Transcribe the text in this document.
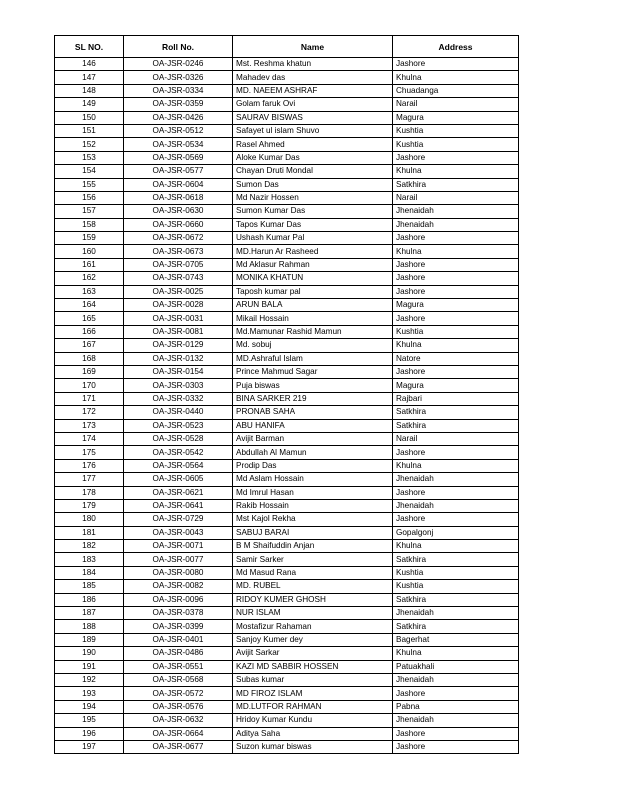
SL NO.	Roll No.	Name	Address
146	OA-JSR-0246	Mst. Reshma khatun	Jashore
147	OA-JSR-0326	Mahadev das	Khulna
148	OA-JSR-0334	MD. NAEEM ASHRAF	Chuadanga
149	OA-JSR-0359	Golam faruk Ovi	Narail
150	OA-JSR-0426	SAURAV BISWAS	Magura
151	OA-JSR-0512	Safayet ul islam Shuvo	Kushtia
152	OA-JSR-0534	Rasel Ahmed	Kushtia
153	OA-JSR-0569	Aloke Kumar Das	Jashore
154	OA-JSR-0577	Chayan Druti Mondal	Khulna
155	OA-JSR-0604	Sumon Das	Satkhira
156	OA-JSR-0618	Md Nazir Hossen	Narail
157	OA-JSR-0630	Sumon Kumar Das	Jhenaidah
158	OA-JSR-0660	Tapos Kumar Das	Jhenaidah
159	OA-JSR-0672	Ushash Kumar Pal	Jashore
160	OA-JSR-0673	MD.Harun Ar Rasheed	Khulna
161	OA-JSR-0705	Md Aklasur Rahman	Jashore
162	OA-JSR-0743	MONIKA KHATUN	Jashore
163	OA-JSR-0025	Taposh kumar pal	Jashore
164	OA-JSR-0028	ARUN BALA	Magura
165	OA-JSR-0031	Mikail Hossain	Jashore
166	OA-JSR-0081	Md.Mamunar Rashid Mamun	Kushtia
167	OA-JSR-0129	Md. sobuj	Khulna
168	OA-JSR-0132	MD.Ashraful Islam	Natore
169	OA-JSR-0154	Prince Mahmud Sagar	Jashore
170	OA-JSR-0303	Puja biswas	Magura
171	OA-JSR-0332	BINA SARKER 219	Rajbari
172	OA-JSR-0440	PRONAB SAHA	Satkhira
173	OA-JSR-0523	ABU HANIFA	Satkhira
174	OA-JSR-0528	Avijit Barman	Narail
175	OA-JSR-0542	Abdullah Al Mamun	Jashore
176	OA-JSR-0564	Prodip Das	Khulna
177	OA-JSR-0605	Md Aslam Hossain	Jhenaidah
178	OA-JSR-0621	Md Imrul Hasan	Jashore
179	OA-JSR-0641	Rakib Hossain	Jhenaidah
180	OA-JSR-0729	Mst Kajol Rekha	Jashore
181	OA-JSR-0043	SABUJ BARAI	Gopalgonj
182	OA-JSR-0071	B M Shaifuddin Anjan	Khulna
183	OA-JSR-0077	Samir Sarker	Satkhira
184	OA-JSR-0080	Md Masud Rana	Kushtia
185	OA-JSR-0082	MD. RUBEL	Kushtia
186	OA-JSR-0096	RIDOY KUMER GHOSH	Satkhira
187	OA-JSR-0378	NUR ISLAM	Jhenaidah
188	OA-JSR-0399	Mostafizur Rahaman	Satkhira
189	OA-JSR-0401	Sanjoy Kumer dey	Bagerhat
190	OA-JSR-0486	Avijit Sarkar	Khulna
191	OA-JSR-0551	KAZI MD SABBIR HOSSEN	Patuakhali
192	OA-JSR-0568	Subas kumar	Jhenaidah
193	OA-JSR-0572	MD FIROZ ISLAM	Jashore
194	OA-JSR-0576	MD.LUTFOR RAHMAN	Pabna
195	OA-JSR-0632	Hridoy Kumar Kundu	Jhenaidah
196	OA-JSR-0664	Aditya Saha	Jashore
197	OA-JSR-0677	Suzon kumar biswas	Jashore
